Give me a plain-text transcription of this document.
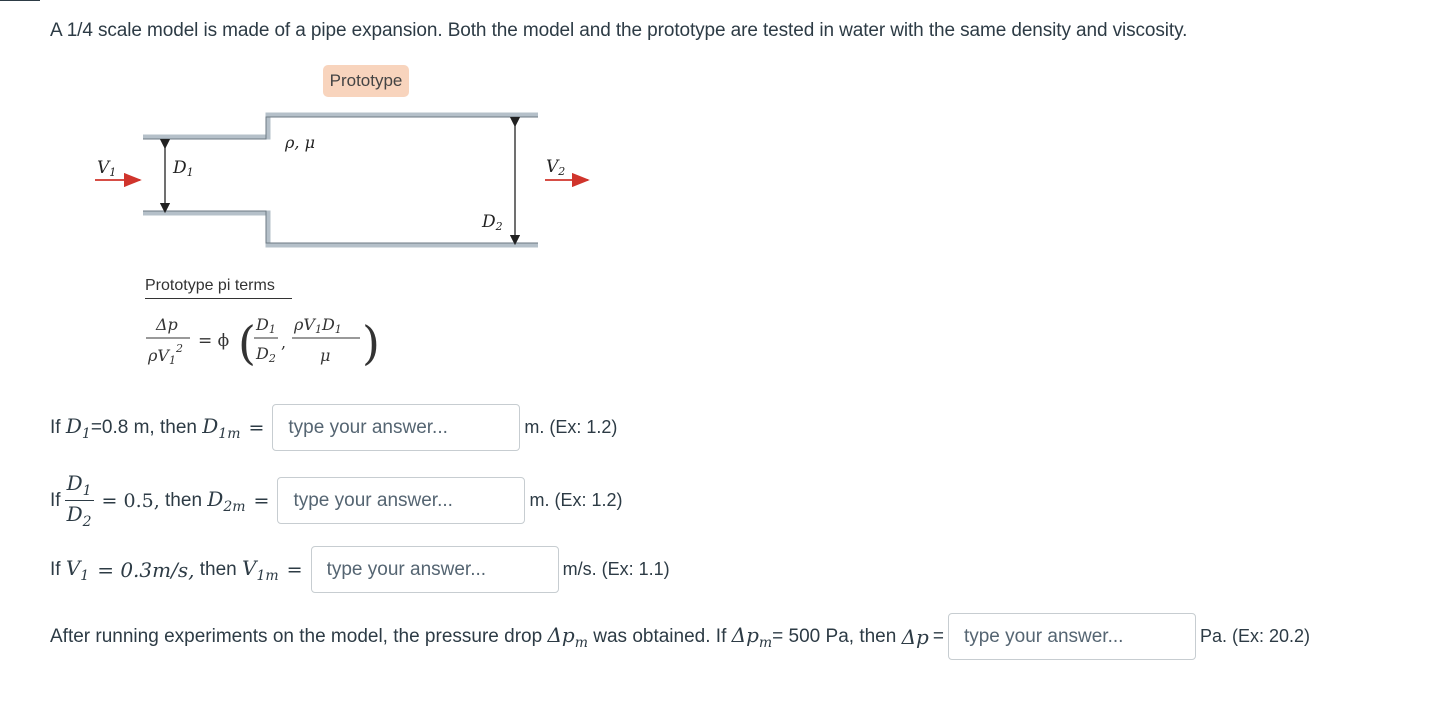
A 1/4 scale model is made of a pipe expansion. Both the model and the prototype are tested in water with the same density and viscosity.
Prototype
V1	D1
ρ, μ
V2
D2
Prototype pi terms
Δp
ρV1
2 = ϕ ( D1
D2
,
ρV1D1
μ )
If
$D_1 =0.8$ m, then
$D_{1m}$ =
type your answer...	m. (Ex: 1.2)
If $\frac{D_1}{D_2} = 0.5$,
then
$D_{2m}$ =
type your answer...	m. (Ex: 1.2)
If
$V_1 = 0.3m/s$,
then
$V_{1m}$ =
type your answer...	m/s. (Ex: 1.1)
After running experiments on the model, the pressure drop
$\Delta p_m$
was obtained. If
$\Delta p_m = 500$ Pa, then
Δp =
type your answer...	Pa. (Ex: 20.2)
